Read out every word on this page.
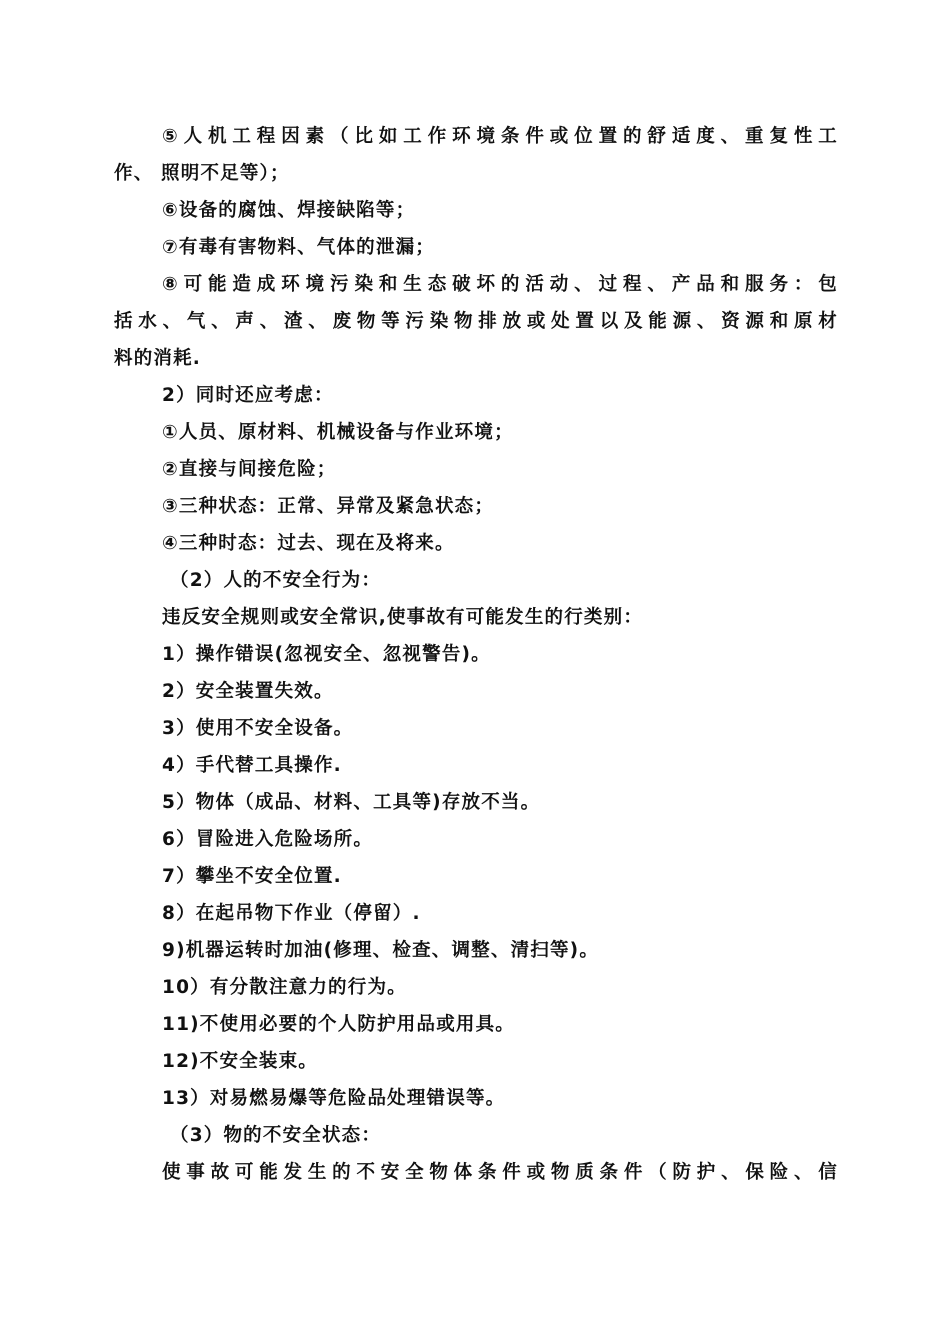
⑤人机工程因素（比如工作环境条件或位置的舒适度、重复性工
作、 照明不足等）；
⑥设备的腐蚀、焊接缺陷等；
⑦有毒有害物料、气体的泄漏；
⑧可能造成环境污染和生态破坏的活动、过程、产品和服务：包
括水、气、声、渣、废物等污染物排放或处置以及能源、资源和原材
料的消耗.
2）同时还应考虑：
①人员、原材料、机械设备与作业环境；
②直接与间接危险；
③三种状态：正常、异常及紧急状态；
④三种时态：过去、现在及将来。
（2）人的不安全行为：
违反安全规则或安全常识,使事故有可能发生的行类别：
1）操作错误(忽视安全、忽视警告)。
2）安全装置失效。
3）使用不安全设备。
4）手代替工具操作.
5）物体（成品、材料、工具等)存放不当。
6）冒险进入危险场所。
7）攀坐不安全位置.
8）在起吊物下作业（停留）.
9)机器运转时加油(修理、检查、调整、清扫等)。
10）有分散注意力的行为。
11)不使用必要的个人防护用品或用具。
12)不安全装束。
13）对易燃易爆等危险品处理错误等。
（3）物的不安全状态：
使事故可能发生的不安全物体条件或物质条件（防护、保险、信
